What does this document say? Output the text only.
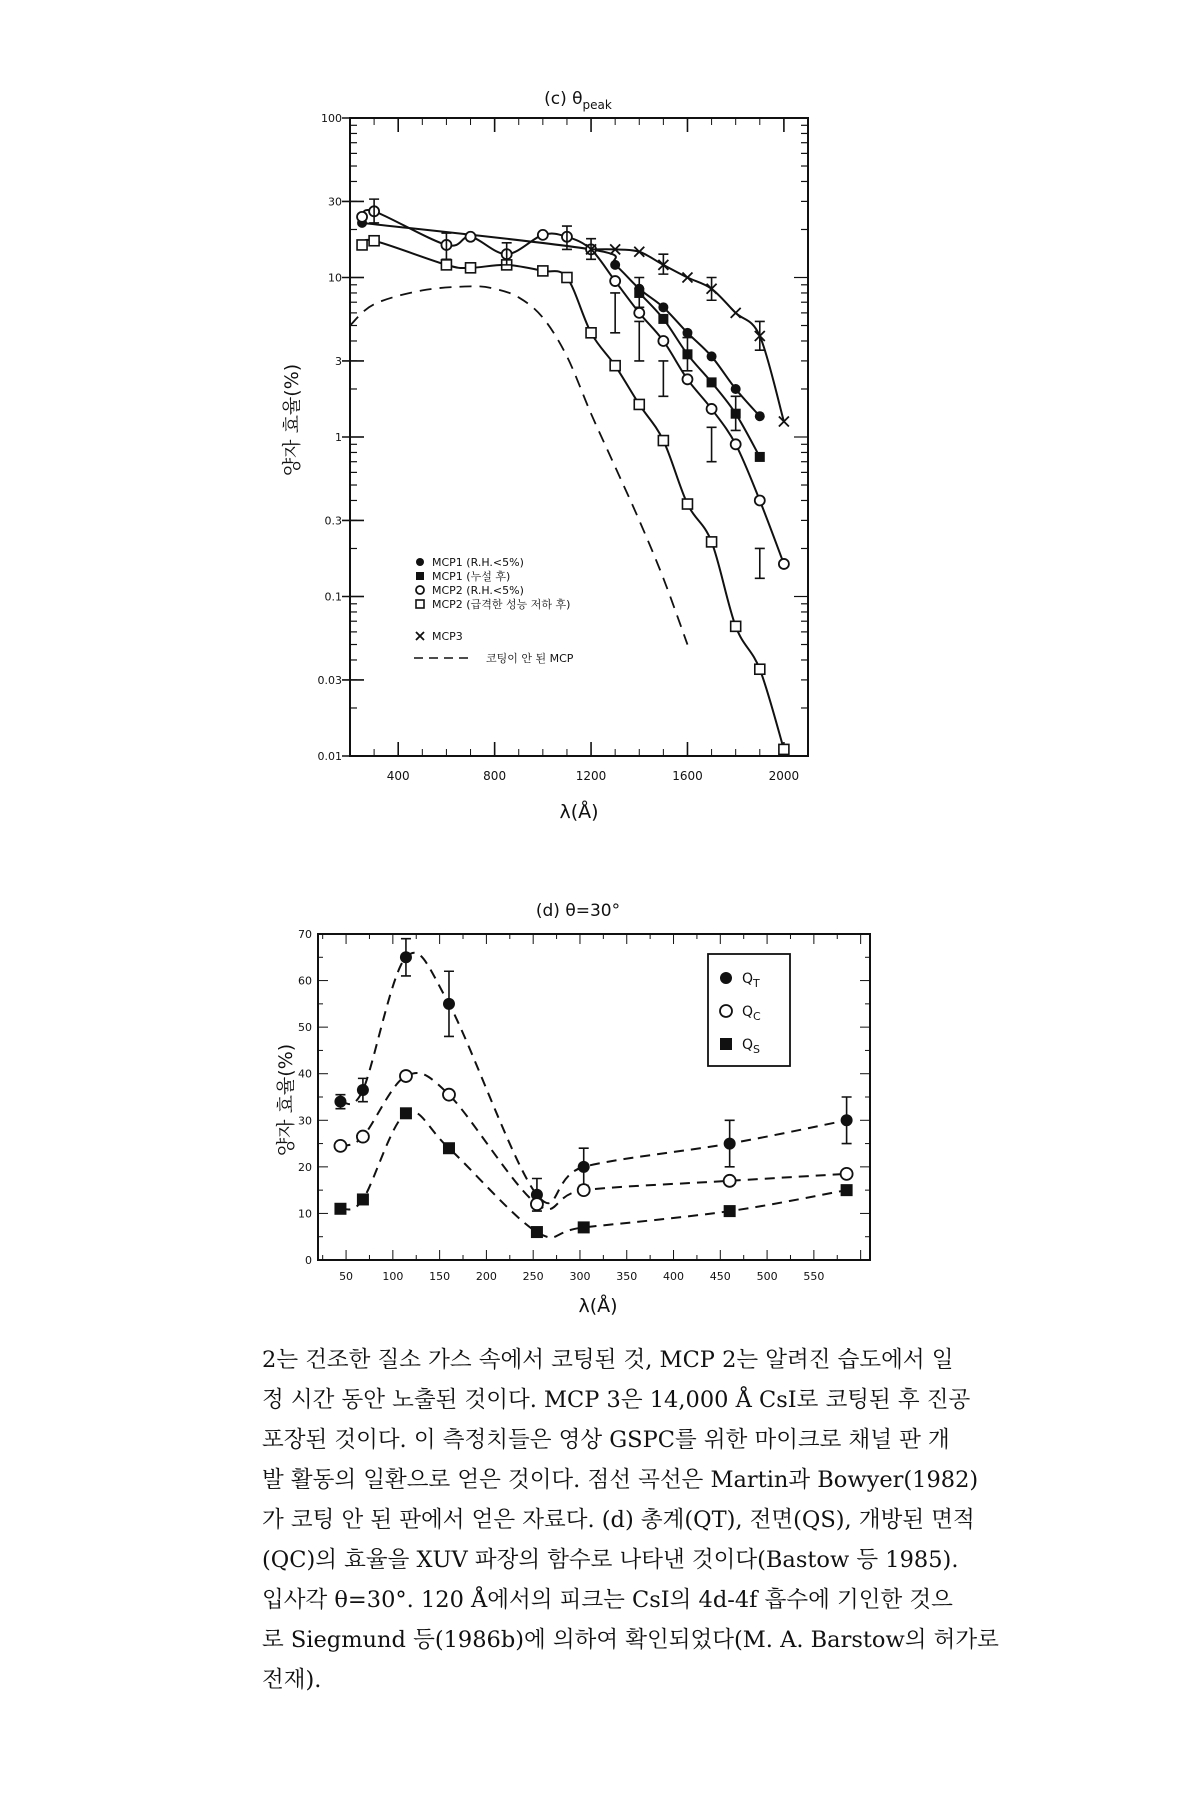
(c) $\theta_{peak}$
0.01
0.03
0.1
0.3
1
3
10
30
100
400	800	1200	1600	2000
λ(Å)
양자 효율(%)
MCP1 (R.H.<5%)
MCP1 (누설 후)
MCP2 (R.H.<5%)
MCP2 (급격한 성능 저하 후)
MCP3
코팅이 안 된 MCP
(d) θ=30°
0
10
20
30
40
50
60
70
50	100 150 200 250 300 350 400 450 500 550
λ(Å)
양자 효율(%)
$Q_T$
$Q_C$
$Q_S$

2는 건조한 질소 가스 속에서 코팅된 것, MCP 2는 알려진 습도에서 일

정 시간 동안 노출된 것이다. MCP 3은 14,000 Å CsI로 코팅된 후 진공

포장된 것이다. 이 측정치들은 영상 GSPC를 위한 마이크로 채널 판 개

발 활동의 일환으로 얻은 것이다. 점선 곡선은 Martin과 Bowyer(1982)

가 코팅 안 된 판에서 얻은 자료다. (d) 총계(QT), 전면(QS), 개방된 면적

(QC)의 효율을 XUV 파장의 함수로 나타낸 것이다(Bastow 등 1985).

입사각 θ=30°. 120 Å에서의 피크는 CsI의 4d-4f 흡수에 기인한 것으

로 Siegmund 등(1986b)에 의하여 확인되었다(M. A. Barstow의 허가로

전재).
